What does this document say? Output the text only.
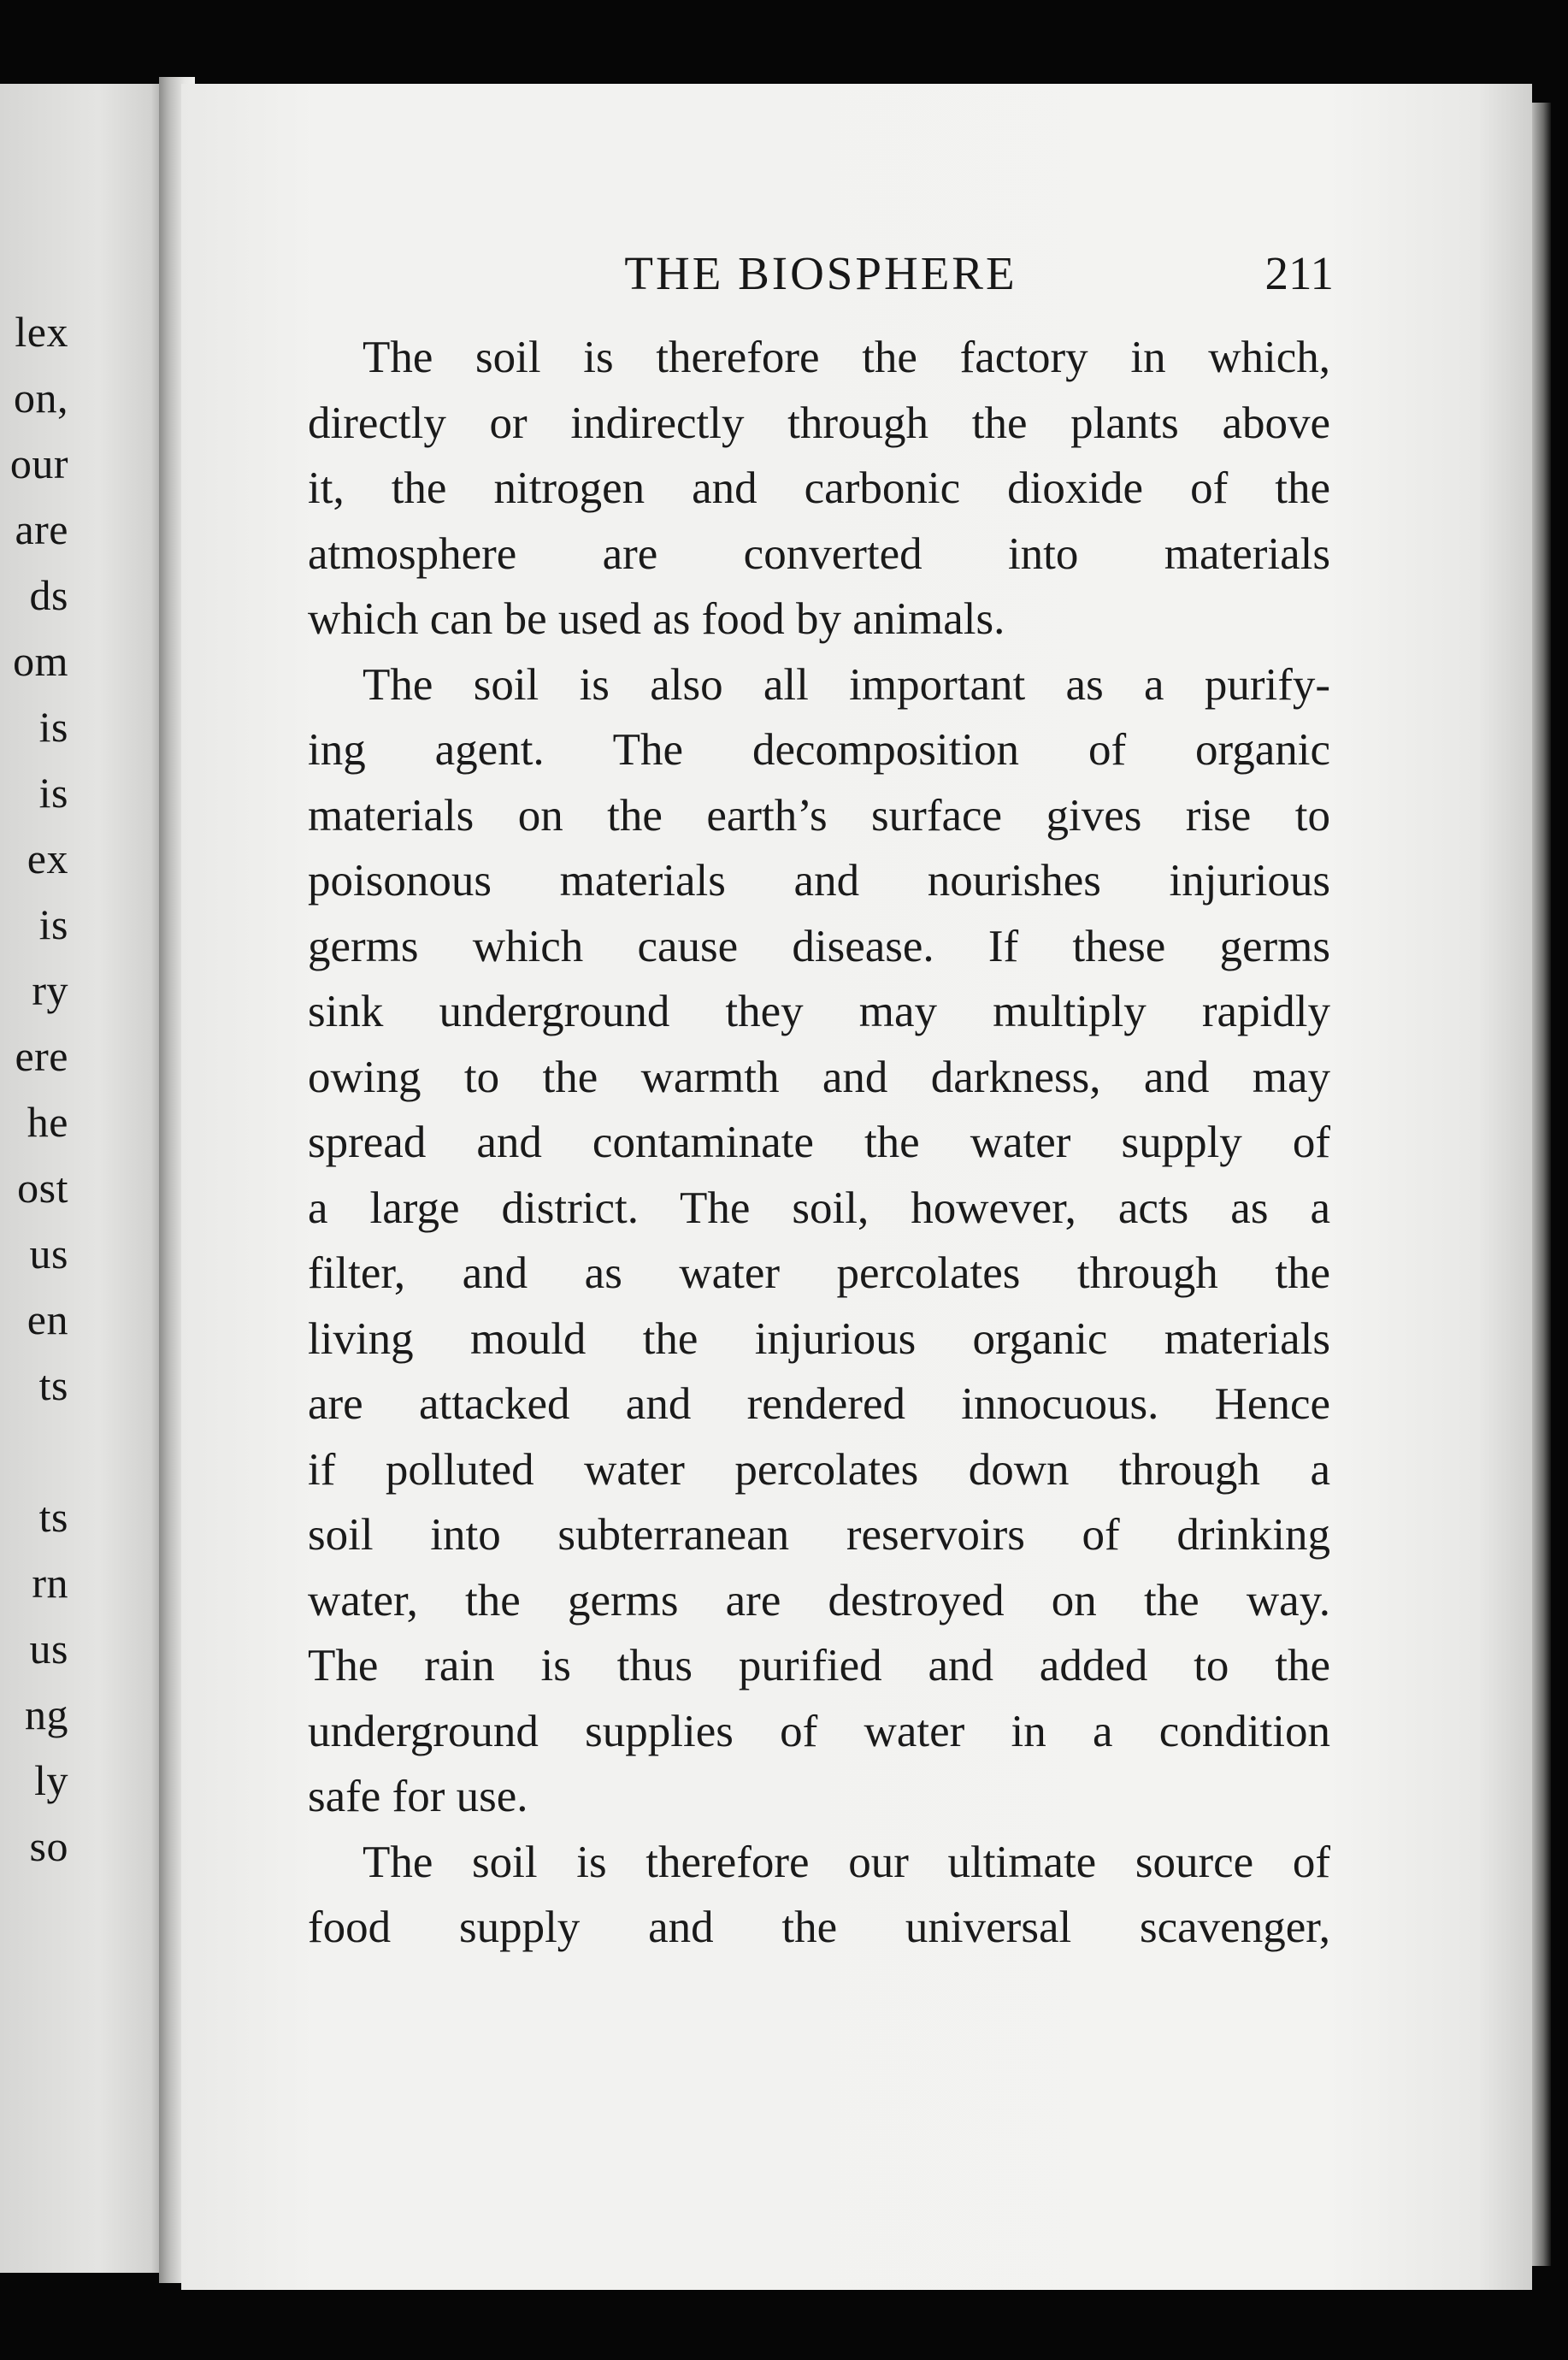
lex
on,
our
are
ds
om
is
is
ex
is
ry
ere
he
ost
us
en
ts
ts
rn
us
ng
ly
so
THE BIOSPHERE	211

The soil is therefore the factory in which,

directly or indirectly through the plants above

it, the nitrogen and carbonic dioxide of the

atmosphere are converted into materials

which can be used as food by animals.

The soil is also all important as a purify-

ing agent. The decomposition of organic

materials on the earth’s surface gives rise to

poisonous materials and nourishes injurious

germs which cause disease. If these germs

sink underground they may multiply rapidly

owing to the warmth and darkness, and may

spread and contaminate the water supply of

a large district. The soil, however, acts as a

filter, and as water percolates through the

living mould the injurious organic materials

are attacked and rendered innocuous. Hence

if polluted water percolates down through a

soil into subterranean reservoirs of drinking

water, the germs are destroyed on the way.

The rain is thus purified and added to the

underground supplies of water in a condition

safe for use.

The soil is therefore our ultimate source of

food supply and the universal scavenger,
